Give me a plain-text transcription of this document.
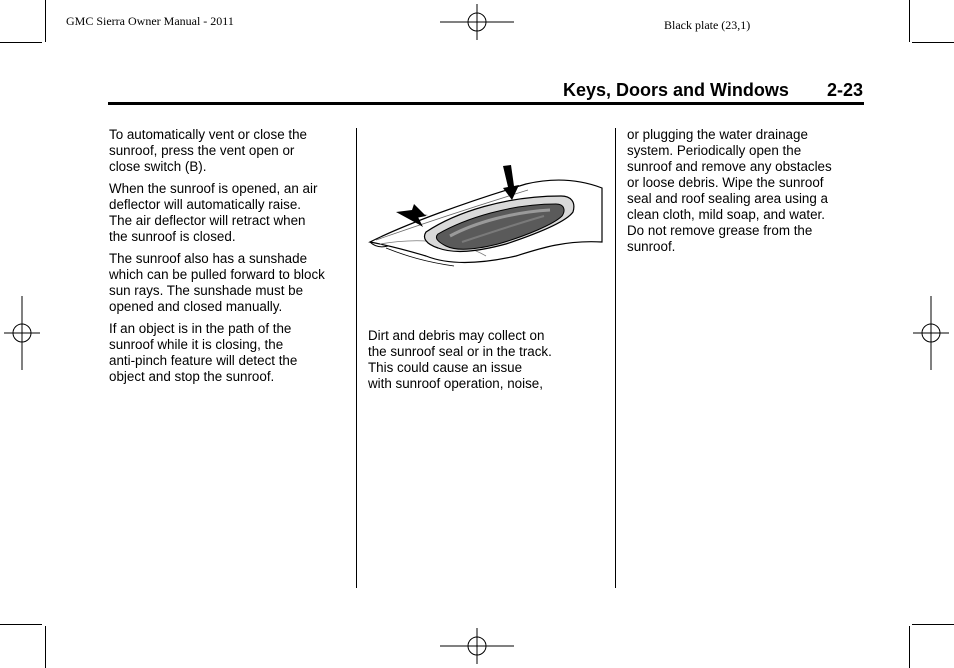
GMC Sierra Owner Manual - 2011	Black plate (23,1)
Keys, Doors and Windows 2-23

To automatically vent or close the
sunroof, press the vent open or
close switch (B).

When the sunroof is opened, an air
deflector will automatically raise.
The air deflector will retract when
the sunroof is closed.

The sunroof also has a sunshade
which can be pulled forward to block
sun rays. The sunshade must be
opened and closed manually.

If an object is in the path of the
sunroof while it is closing, the
anti-pinch feature will detect the
object and stop the sunroof.

Dirt and debris may collect on
the sunroof seal or in the track.
This could cause an issue
with sunroof operation, noise,

or plugging the water drainage
system. Periodically open the
sunroof and remove any obstacles
or loose debris. Wipe the sunroof
seal and roof sealing area using a
clean cloth, mild soap, and water.
Do not remove grease from the
sunroof.
